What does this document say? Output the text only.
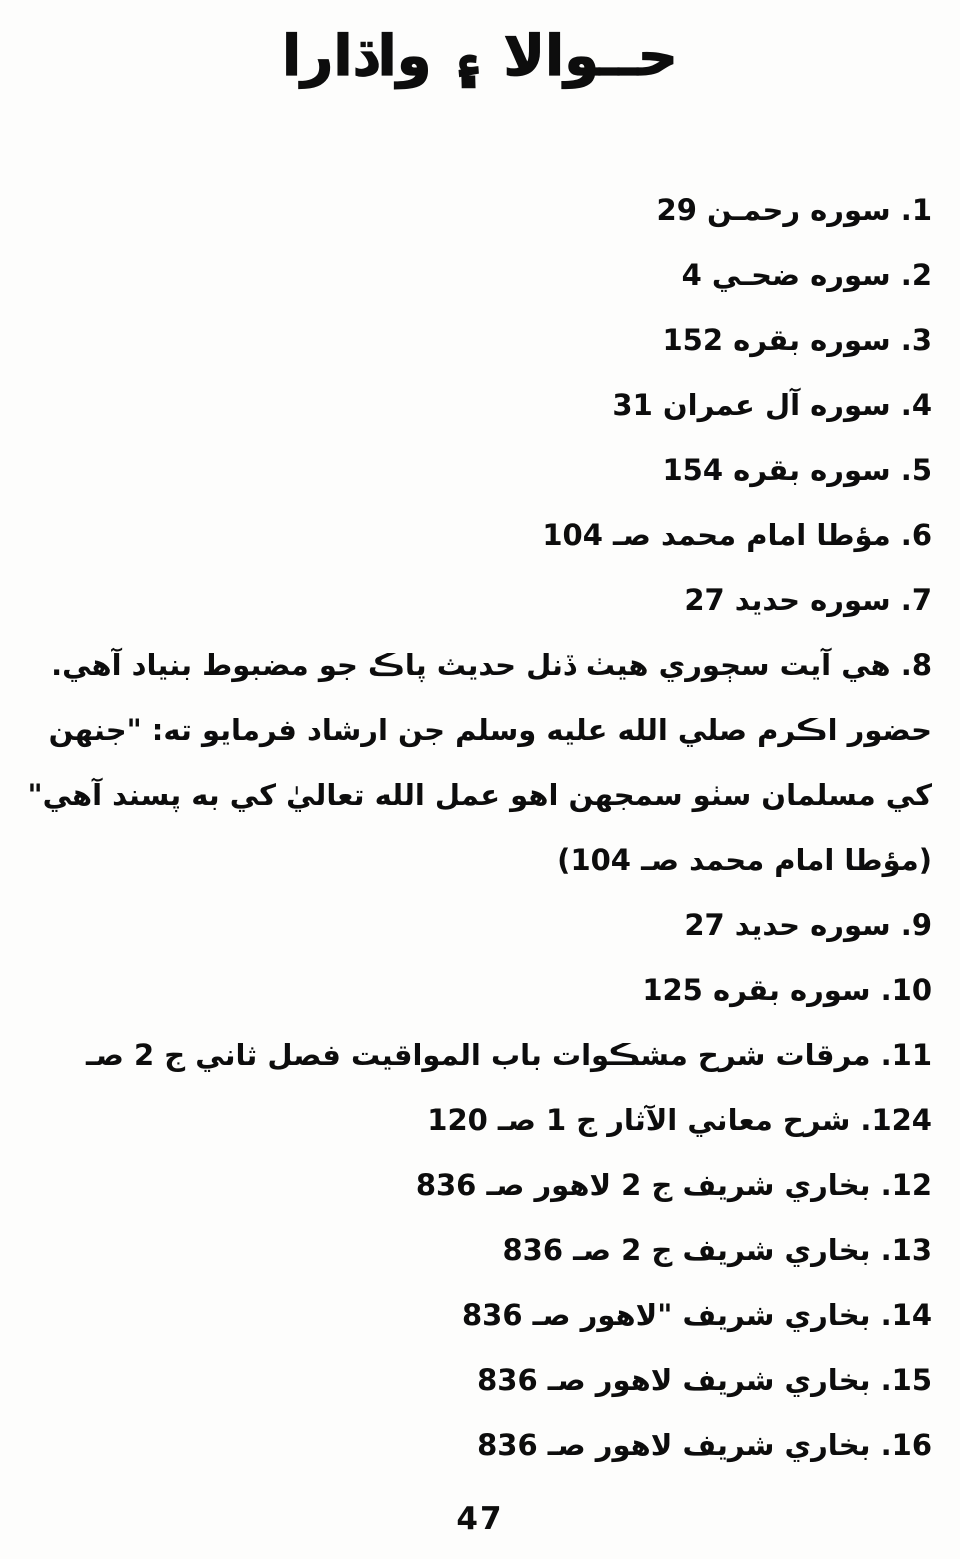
حــوالا ۽ واڌارا
1. سوره رحمـن 29
2. سوره ضحـي 4
3. سوره بقره 152
4. سوره آل عمران 31
5. سوره بقره 154
6. مؤطا امام محمد صـ 104
7. سوره حديد 27
8. هي آيت سڄوري هيٺ ڏنل حديث پاڪ جو مضبوط بنياد آهي. حضور اڪرم صلي الله عليه وسلم جن ارشاد فرمايو ته: "جنهن کي مسلمان سٺو سمجهن اهو عمل الله تعاليٰ کي به پسند آهي" (مؤطا امام محمد صـ 104)
9. سوره حديد 27
10. سوره بقره 125
11. مرقات شرح مشڪوات باب المواقيت فصل ثاني ج 2 صـ 124. شرح معاني الآثار ج 1 صـ 120
12. بخاري شريف ج 2 لاهور صـ 836
13. بخاري شريف ج 2 صـ 836
14. بخاري شريف "لاهور صـ 836
15. بخاري شريف لاهور صـ 836
16. بخاري شريف لاهور صـ 836
47
